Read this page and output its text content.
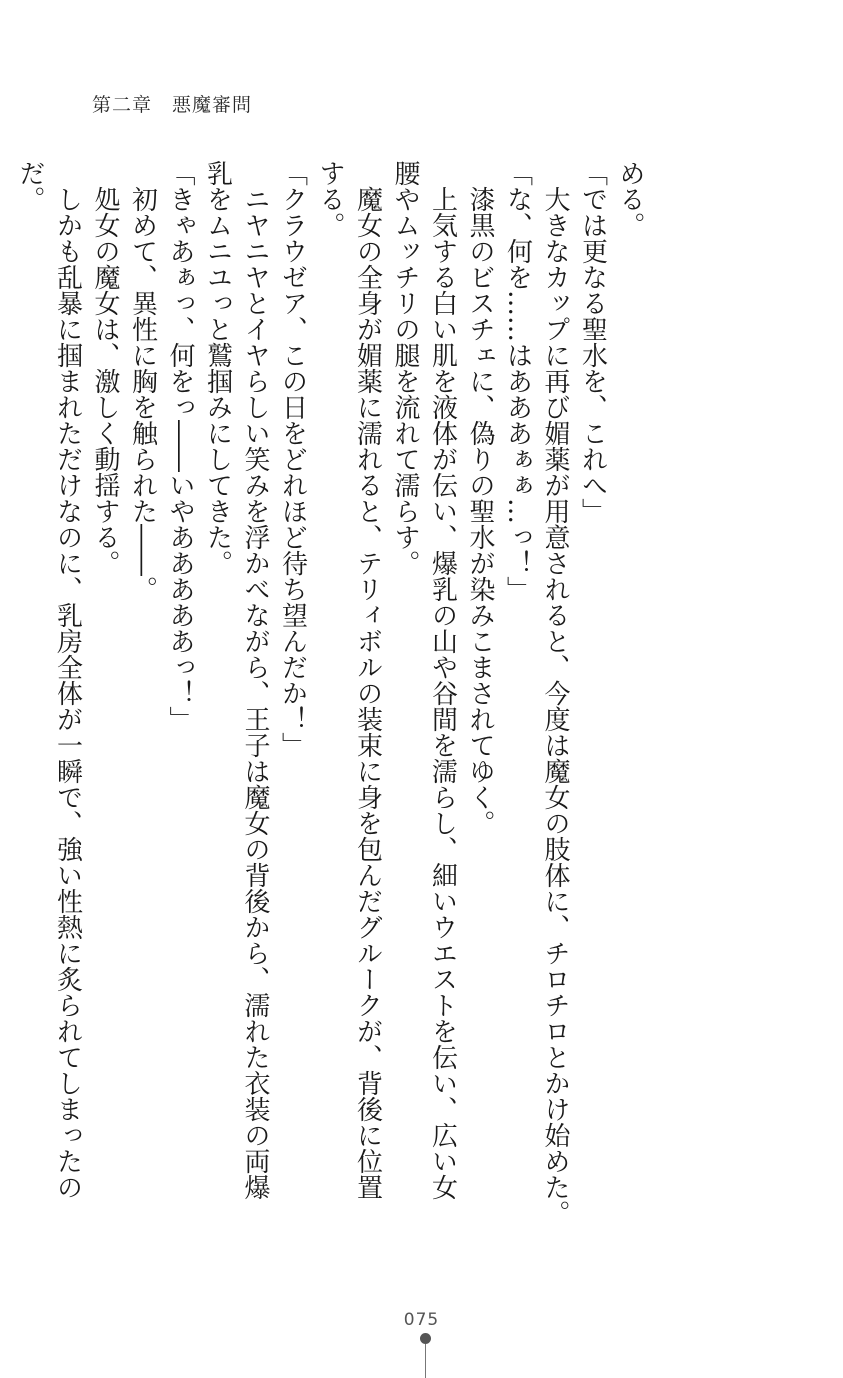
第二章　悪魔審問

める。

「では更なる聖水を、これへ」

　大きなカップに再び媚薬が用意されると、今度は魔女の肢体に、チロチロとかけ始めた。

「な、何を……はあああぁぁ…っ！」

　漆黒のビスチェに、偽りの聖水が染みこまされてゆく。

　上気する白い肌を液体が伝い、爆乳の山や谷間を濡らし、細いウエストを伝い、広い女

腰やムッチリの腿を流れて濡らす。

　魔女の全身が媚薬に濡れると、テリィボルの装束に身を包んだグルークが、背後に位置

する。

「クラウゼア、この日をどれほど待ち望んだか！」

　ニヤニヤとイヤらしい笑みを浮かべながら、王子は魔女の背後から、濡れた衣装の両爆

乳をムニユっと鷲掴みにしてきた。

「きゃあぁっ、何をっ――いやあああああっ！」

　初めて、異性に胸を触られた――。

　処女の魔女は、激しく動揺する。

　しかも乱暴に掴まれただけなのに、乳房全体が一瞬で、強い性熱に炙られてしまったの

だ。

075
